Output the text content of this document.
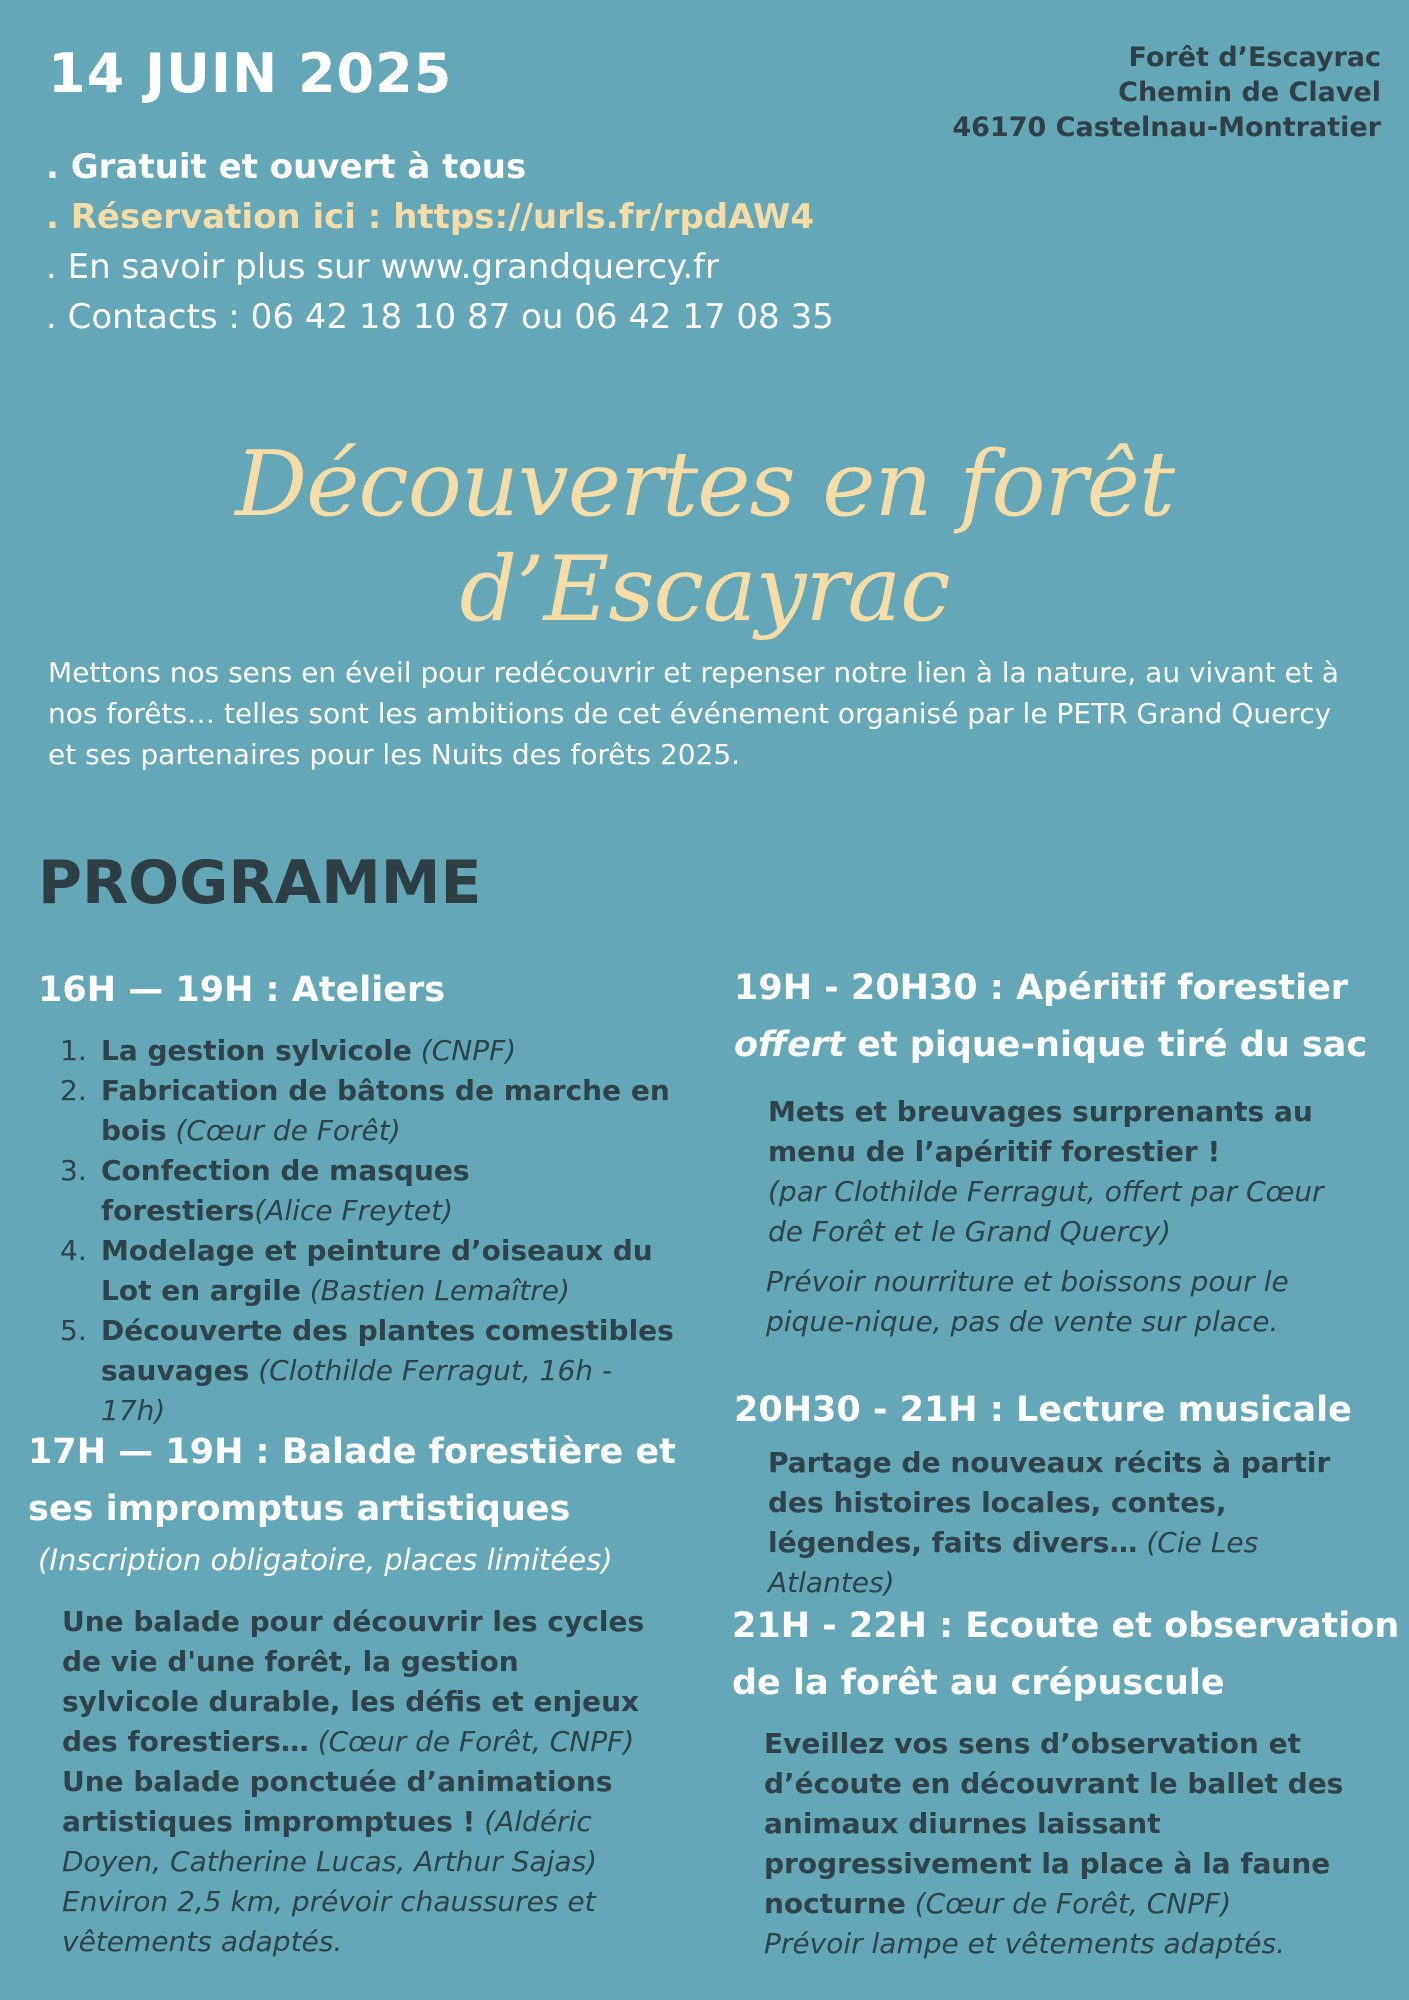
14 JUIN 2025	Forêt d’Escayrac
Chemin de Clavel
46170 Castelnau-Montratier
. Gratuit et ouvert à tous
. Réservation ici : https://urls.fr/rpdAW4
. En savoir plus sur www.grandquercy.fr
. Contacts : 06 42 18 10 87 ou 06 42 17 08 35
Découvertes en forêt d’Escayrac
Mettons nos sens en éveil pour redécouvrir et repenser notre lien à la nature, au vivant et à nos forêts… telles sont les ambitions de cet événement organisé par le PETR Grand Quercy et ses partenaires pour les Nuits des forêts 2025.
PROGRAMME
16H — 19H : Ateliers
1. La gestion sylvicole (CNPF)
2. Fabrication de bâtons de marche en bois (Cœur de Forêt)
3. Confection de masques forestiers(Alice Freytet)
4. Modelage et peinture d’oiseaux du Lot en argile (Bastien Lemaître)
5. Découverte des plantes comestibles sauvages (Clothilde Ferragut, 16h - 17h)
17H — 19H : Balade forestière et
ses impromptus artistiques
(Inscription obligatoire, places limitées)
Une balade pour découvrir les cycles de vie d'une forêt, la gestion sylvicole durable, les défis et enjeux des forestiers… (Cœur de Forêt, CNPF)
Une balade ponctuée d’animations artistiques impromptues ! (Aldéric Doyen, Catherine Lucas, Arthur Sajas)
Environ 2,5 km, prévoir chaussures et vêtements adaptés.
19H - 20H30 : Apéritif forestier
offert et pique-nique tiré du sac
Mets et breuvages surprenants au menu de l’apéritif forestier !
(par Clothilde Ferragut, offert par Cœur de Forêt et le Grand Quercy)
Prévoir nourriture et boissons pour le pique-nique, pas de vente sur place.
20H30 - 21H : Lecture musicale
Partage de nouveaux récits à partir des histoires locales, contes, légendes, faits divers… (Cie Les Atlantes)
21H - 22H : Ecoute et observation
de la forêt au crépuscule
Eveillez vos sens d’observation et d’écoute en découvrant le ballet des animaux diurnes laissant progressivement la place à la faune nocturne (Cœur de Forêt, CNPF)
Prévoir lampe et vêtements adaptés.
